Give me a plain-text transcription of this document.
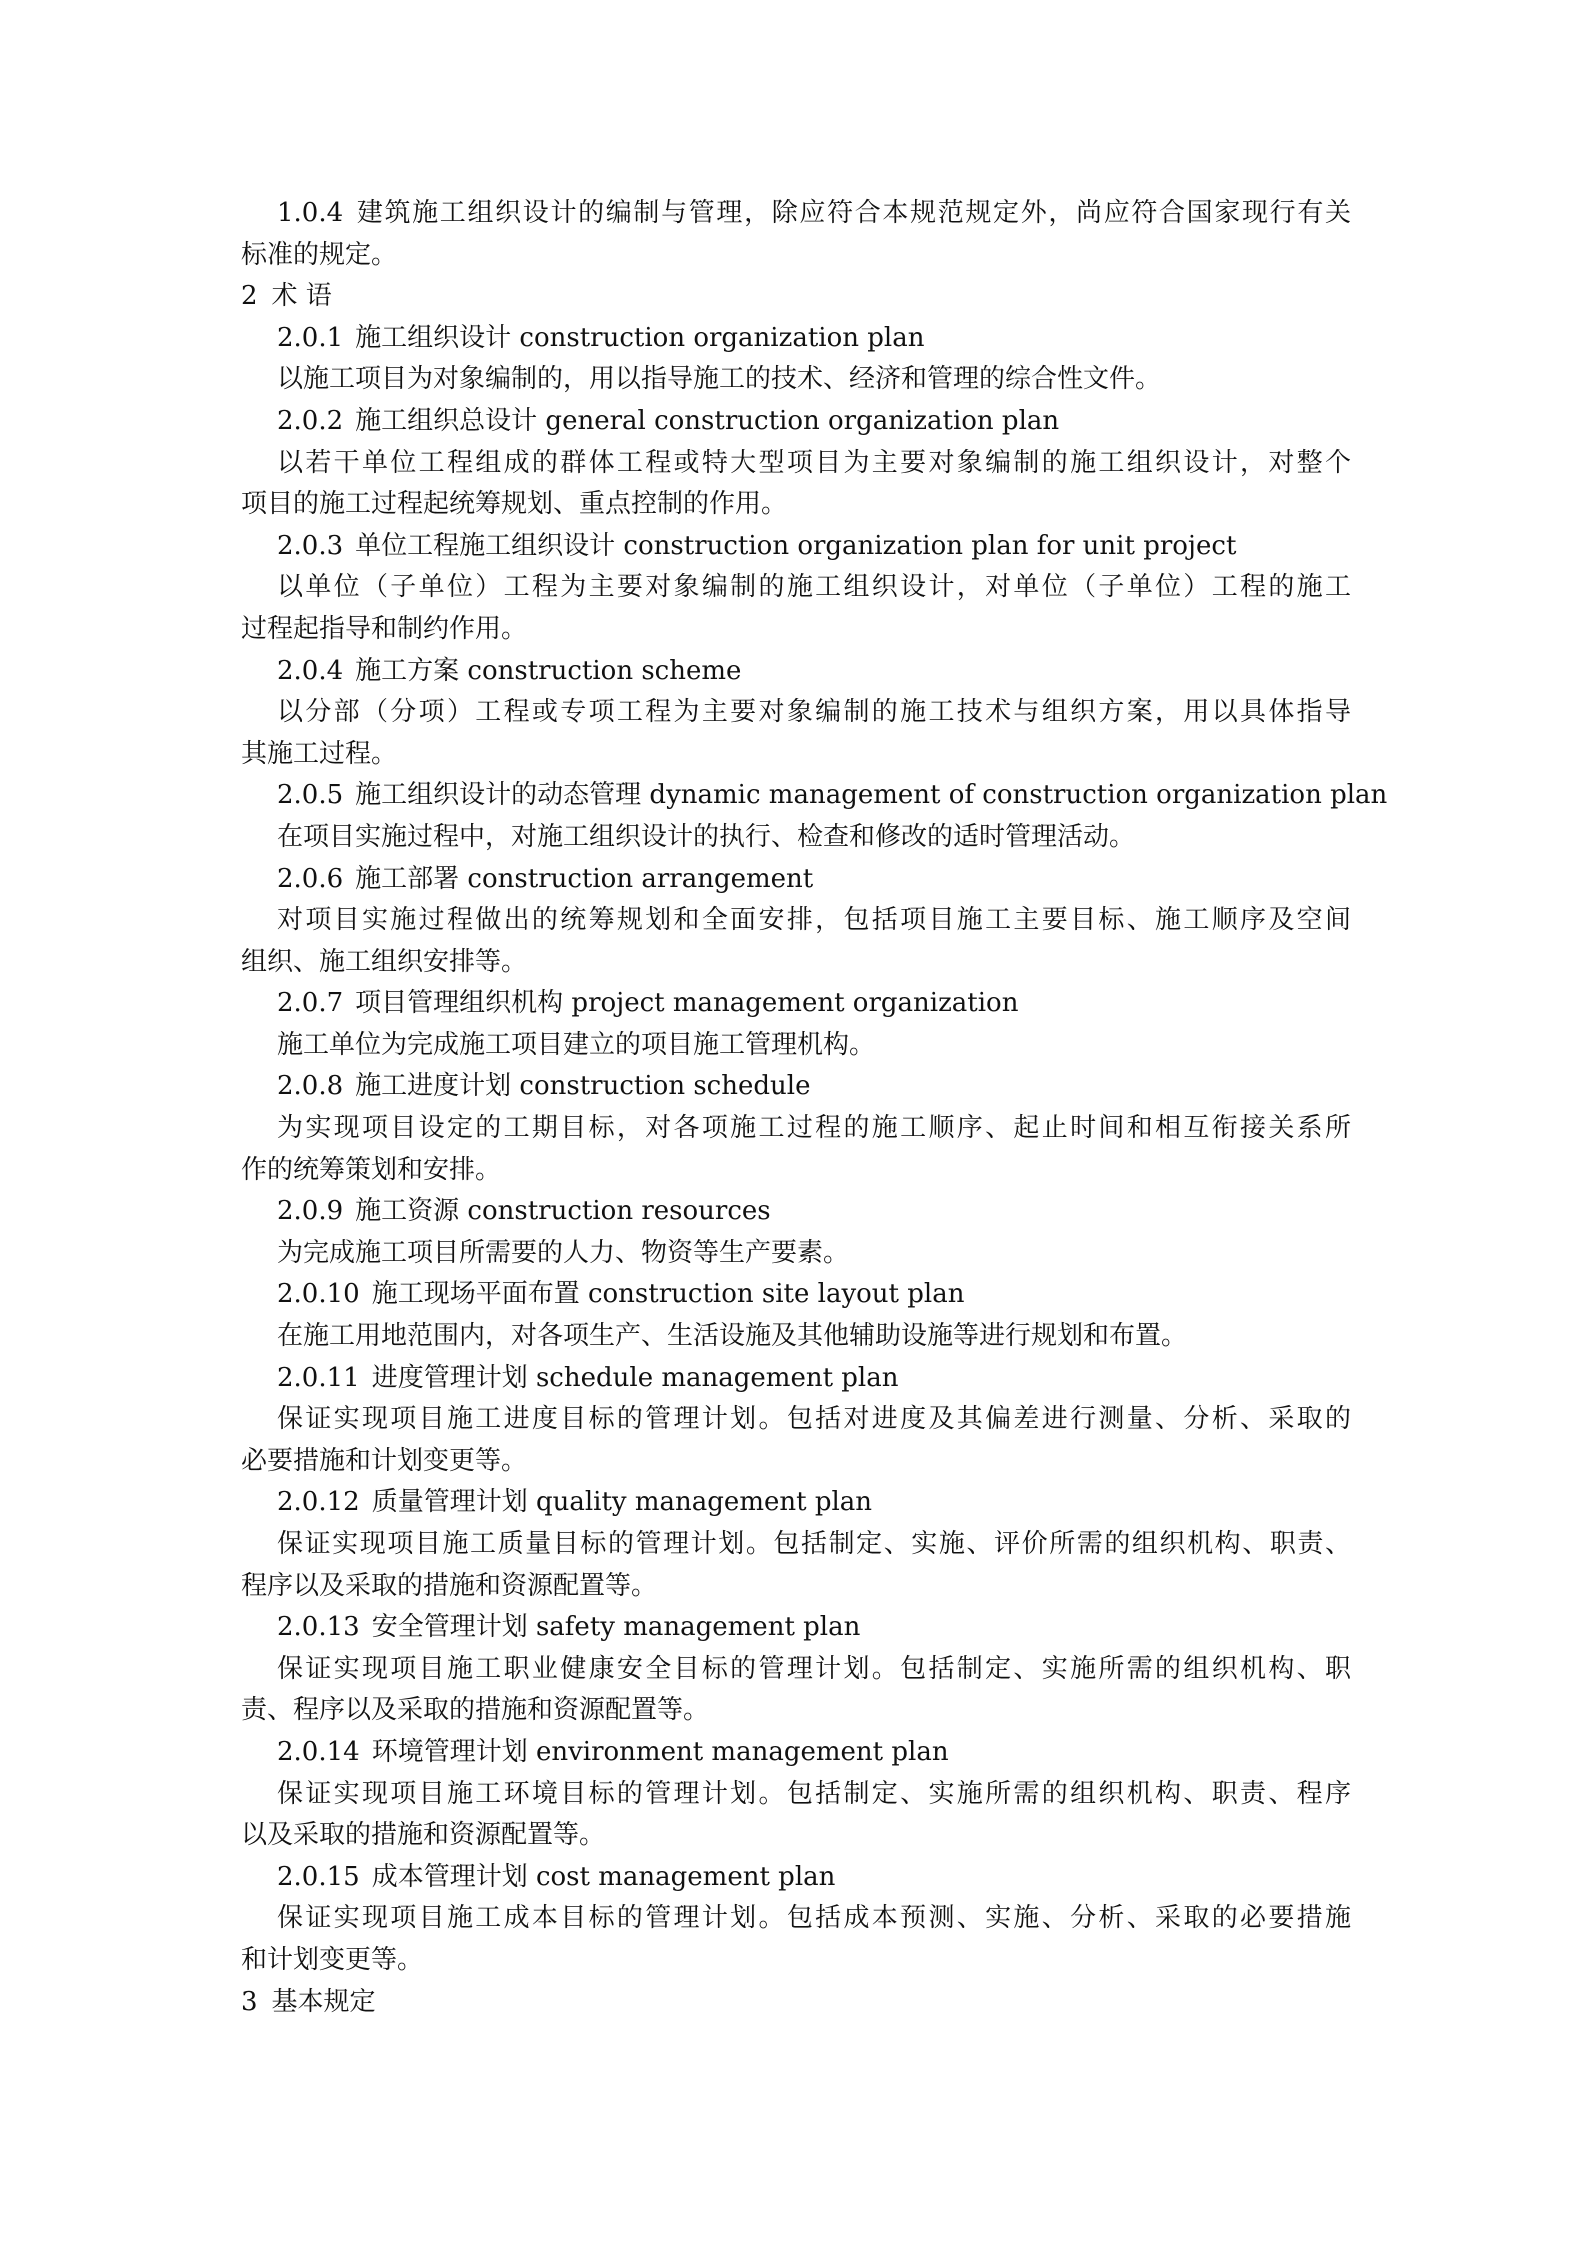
1.0.4 建筑施工组织设计的编制与管理，除应符合本规范规定外，尚应符合国家现行有关
标准的规定。
2 术 语
2.0.1 施工组织设计 construction organization plan
以施工项目为对象编制的，用以指导施工的技术、经济和管理的综合性文件。
2.0.2 施工组织总设计 general construction organization plan
以若干单位工程组成的群体工程或特大型项目为主要对象编制的施工组织设计，对整个
项目的施工过程起统筹规划、重点控制的作用。
2.0.3 单位工程施工组织设计 construction organization plan for unit project
以单位（子单位）工程为主要对象编制的施工组织设计，对单位（子单位）工程的施工
过程起指导和制约作用。
2.0.4 施工方案 construction scheme
以分部（分项）工程或专项工程为主要对象编制的施工技术与组织方案，用以具体指导
其施工过程。
2.0.5 施工组织设计的动态管理 dynamic management of construction organization plan
在项目实施过程中，对施工组织设计的执行、检查和修改的适时管理活动。
2.0.6 施工部署 construction arrangement
对项目实施过程做出的统筹规划和全面安排，包括项目施工主要目标、施工顺序及空间
组织、施工组织安排等。
2.0.7 项目管理组织机构 project management organization
施工单位为完成施工项目建立的项目施工管理机构。
2.0.8 施工进度计划 construction schedule
为实现项目设定的工期目标，对各项施工过程的施工顺序、起止时间和相互衔接关系所
作的统筹策划和安排。
2.0.9 施工资源 construction resources
为完成施工项目所需要的人力、物资等生产要素。
2.0.10 施工现场平面布置 construction site layout plan
在施工用地范围内，对各项生产、生活设施及其他辅助设施等进行规划和布置。
2.0.11 进度管理计划 schedule management plan
保证实现项目施工进度目标的管理计划。包括对进度及其偏差进行测量、分析、采取的
必要措施和计划变更等。
2.0.12 质量管理计划 quality management plan
保证实现项目施工质量目标的管理计划。包括制定、实施、评价所需的组织机构、职责、
程序以及采取的措施和资源配置等。
2.0.13 安全管理计划 safety management plan
保证实现项目施工职业健康安全目标的管理计划。包括制定、实施所需的组织机构、职
责、程序以及采取的措施和资源配置等。
2.0.14 环境管理计划 environment management plan
保证实现项目施工环境目标的管理计划。包括制定、实施所需的组织机构、职责、程序
以及采取的措施和资源配置等。
2.0.15 成本管理计划 cost management plan
保证实现项目施工成本目标的管理计划。包括成本预测、实施、分析、采取的必要措施
和计划变更等。
3 基本规定
